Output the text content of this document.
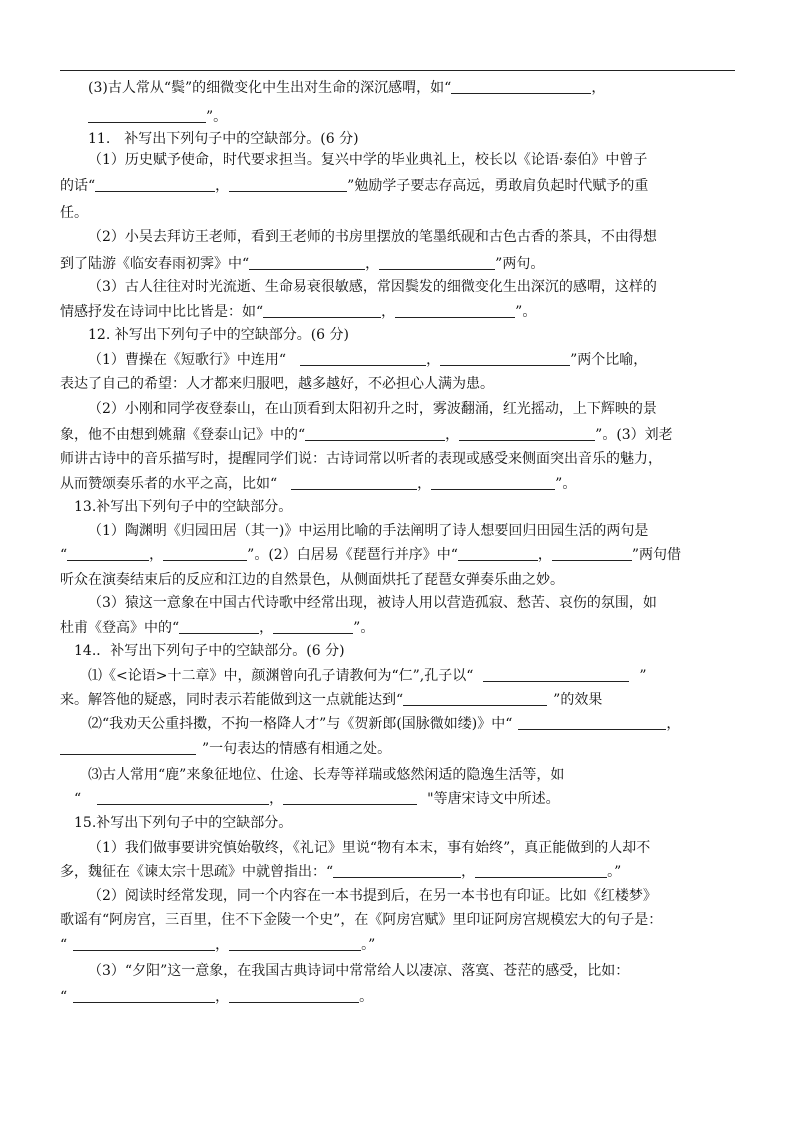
(3)古人常从“鬓”的细微变化中生出对生命的深沉感喟，如“	，
”。
11.　补写出下列句子中的空缺部分。(6 分)
（1）历史赋予使命，时代要求担当。复兴中学的毕业典礼上，校长以《论语·泰伯》中曾子
的话“	，	”勉励学子要志存高远，勇敢肩负起时代赋予的重
任。
（2）小吴去拜访王老师，看到王老师的书房里摆放的笔墨纸砚和古色古香的茶具，不由得想
到了陆游《临安春雨初霁》中“	，	”两句。
（3）古人往往对时光流逝、生命易衰很敏感，常因鬓发的细微变化生出深沉的感喟，这样的
情感抒发在诗词中比比皆是：如“	，	”。
12. 补写出下列句子中的空缺部分。(6 分)
（1）曹操在《短歌行》中连用“	，	”两个比喻，
表达了自己的希望：人才都来归服吧，越多越好，不必担心人满为患。
（2）小刚和同学夜登泰山，在山顶看到太阳初升之时，雾波翻涌，红光摇动，上下辉映的景
象，他不由想到姚鼐《登泰山记》中的“	，	”。(3）刘老
师讲古诗中的音乐描写时，提醒同学们说：古诗词常以听者的表现或感受来侧面突出音乐的魅力，
从而赞颂奏乐者的水平之高，比如“	，	”。
13.补写出下列句子中的空缺部分。
（1）陶渊明《归园田居（其一)》中运用比喻的手法阐明了诗人想要回归田园生活的两句是
“	，	”。(2）白居易《琵琶行并序》中“	，	”两句借
听众在演奏结束后的反应和江边的自然景色，从侧面烘托了琵琶女弹奏乐曲之妙。
（3）猿这一意象在中国古代诗歌中经常出现，被诗人用以营造孤寂、愁苦、哀伤的氛围，如
杜甫《登高》中的“	，	”。
14.．补写出下列句子中的空缺部分。(6 分)
⑴《<论语>十二章》中，颜渊曾向孔子请教何为“仁”,孔子以“	”
来。解答他的疑惑，同时表示若能做到这一点就能达到“	”的效果
⑵“我劝天公重抖擞，不拘一格降人才”与《贺新郎(国脉微如缕)》中“	，
”一句表达的情感有相通之处。
⑶古人常用“鹿”来象征地位、仕途、长寿等祥瑞或悠然闲适的隐逸生活等，如
“	，	"等唐宋诗文中所述。
15.补写出下列句子中的空缺部分。
（1）我们做事要讲究慎始敬终，《礼记》里说“物有本末，事有始终”，真正能做到的人却不
多，魏征在《谏太宗十思疏》中就曾指出：“	，	。”
（2）阅读时经常发现，同一个内容在一本书提到后，在另一本书也有印证。比如《红楼梦》
歌谣有“阿房宫，三百里，住不下金陵一个史”，在《阿房宫赋》里印证阿房宫规模宏大的句子是：
“	，	。”
（3）“夕阳”这一意象，在我国古典诗词中常常给人以凄凉、落寞、苍茫的感受，比如：
“	，	。
